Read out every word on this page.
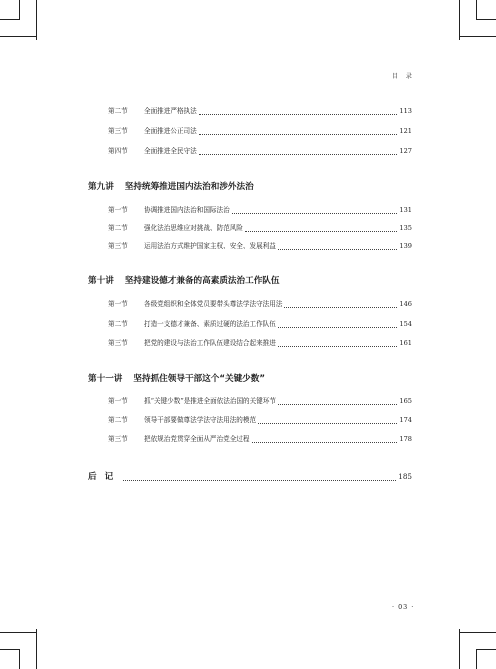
目 录
第二节	全面推进严格执法	113
第三节	全面推进公正司法	121
第四节	全面推进全民守法	127
第九讲 坚持统筹推进国内法治和涉外法治
第一节	协调推进国内法治和国际法治	131
第二节	强化法治思维应对挑战、防范风险	135
第三节	运用法治方式维护国家主权、安全、发展利益	139
第十讲 坚持建设德才兼备的高素质法治工作队伍
第一节	各级党组织和全体党员要带头尊法学法守法用法	146
第二节	打造一支德才兼备、素质过硬的法治工作队伍	154
第三节	把党的建设与法治工作队伍建设结合起来推进	161
第十一讲 坚持抓住领导干部这个“关键少数”
第一节	抓“关键少数”是推进全面依法治国的关键环节	165
第二节	领导干部要做尊法学法守法用法的模范	174
第三节	把依规治党贯穿全面从严治党全过程	178
后记	185
· 03 ·
